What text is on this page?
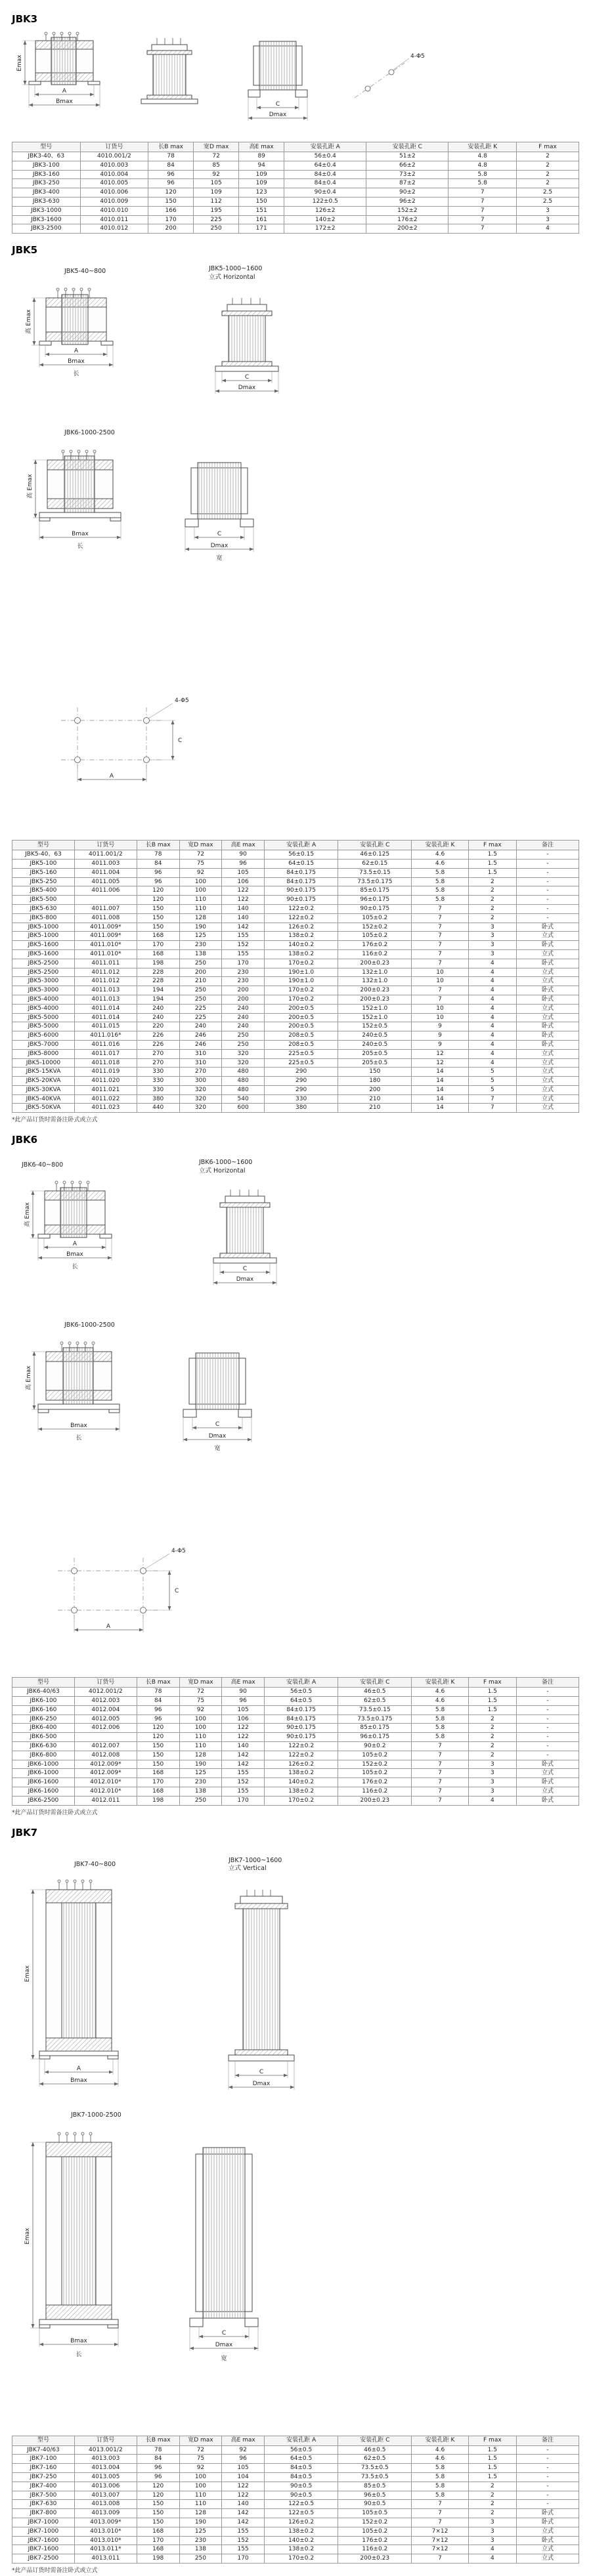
JBK3
Emax
A
Bmax	C
Dmax
4-Φ5
型号	订货号	长B max	宽D max	高E max	安装孔距 A	安装孔距 C	安装孔距 K	F max
JBK3-40、63	4010.001/2	78	72	89	56±0.4	51±2	4.8	2
JBK3-100	4010.003	84	85	94	64±0.4	66±2	4.8	2
JBK3-160	4010.004	96	92	109	84±0.4	73±2	5.8	2
JBK3-250	4010.005	96	105	109	84±0.4	87±2	5.8	2
JBK3-400	4010.006	120	109	123	90±0.4	90±2	7	2.5
JBK3-630	4010.009	150	112	150	122±0.5	96±2	7	2.5
JBK3-1000	4010.010	166	195	151	126±2	152±2	7	3
JBK3-1600	4010.011	170	225	161	140±2	176±2	7	3
JBK3-2500	4010.012	200	250	171	172±2	200±2	7	4
JBK5
JBK5-40~800	JBK5-1000~1600
立式 Horizontal
高 Emax
A
Bmax
长	C
Dmax
JBK6-1000-2500
高 Emax
Bmax
长
C
Dmax
宽
A
C
4-Φ5
型号	订货号	长B max	宽D max	高E max	安装孔距 A	安装孔距 C	安装孔距 K	F max	备注
JBK5-40、63	4011.001/2	78	72	90	56±0.15	46±0.125	4.6	1.5	-
JBK5-100	4011.003	84	75	96	64±0.15	62±0.15	4.6	1.5	-
JBK5-160	4011.004	96	92	105	84±0.175	73.5±0.15	5.8	1.5	-
JBK5-250	4011.005	96	100	106	84±0.175	73.5±0.175	5.8	2	-
JBK5-400	4011.006	120	100	122	90±0.175	85±0.175	5.8	2	-
JBK5-500		120	110	122	90±0.175	96±0.175	5.8	2	-
JBK5-630	4011.007	150	110	140	122±0.2	90±0.175	7	2	-
JBK5-800	4011.008	150	128	140	122±0.2	105±0.2	7	2	-
JBK5-1000	4011.009*	150	190	142	126±0.2	152±0.2	7	3	卧式
JBK5-1000	4011.009*	168	125	155	138±0.2	105±0.2	7	3	立式
JBK5-1600	4011.010*	170	230	152	140±0.2	176±0.2	7	3	卧式
JBK5-1600	4011.010*	168	138	155	138±0.2	116±0.2	7	3	立式
JBK5-2500	4011.011	198	250	170	170±0.2	200±0.23	7	4	卧式
JBK5-2500	4011.012	228	200	230	190±1.0	132±1.0	10	4	立式
JBK5-3000	4011.012	228	210	230	190±1.0	132±1.0	10	4	立式
JBK5-3000	4011.013	194	250	200	170±0.2	200±0.23	7	4	卧式
JBK5-4000	4011.013	194	250	200	170±0.2	200±0.23	7	4	卧式
JBK5-4000	4011.014	240	225	240	200±0.5	152±1.0	10	4	立式
JBK5-5000	4011.014	240	225	240	200±0.5	152±1.0	10	4	立式
JBK5-5000	4011.015	220	240	240	200±0.5	152±0.5	9	4	卧式
JBK5-6000	4011.016*	226	246	250	208±0.5	240±0.5	9	4	卧式
JBK5-7000	4011.016	226	246	250	208±0.5	240±0.5	9	4	卧式
JBK5-8000	4011.017	270	310	320	225±0.5	205±0.5	12	4	立式
JBK5-10000	4011.018	270	310	320	225±0.5	205±0.5	12	4	立式
JBK5-15KVA	4011.019	330	270	480	290	150	14	5	立式
JBK5-20KVA	4011.020	330	300	480	290	180	14	5	立式
JBK5-30KVA	4011.021	330	320	480	290	200	14	5	立式
JBK5-40KVA	4011.022	380	320	540	330	210	14	7	立式
JBK5-50KVA	4011.023	440	320	600	380	210	14	7	立式
*此产品订货时需备注卧式或立式
JBK6
JBK6-40~800	JBK6-1000~1600
立式 Horizontal
高 Emax
A
Bmax
长	C
Dmax
JBK6-1000-2500
高 Emax
Bmax
长
C
Dmax
宽
A
C
4-Φ5
型号	订货号	长B max	宽D max	高E max	安装孔距 A	安装孔距 C	安装孔距 K	F max	备注
JBK6-40/63	4012.001/2	78	72	90	56±0.5	46±0.5	4.6	1.5	-
JBK6-100	4012.003	84	75	96	64±0.5	62±0.5	4.6	1.5	-
JBK6-160	4012.004	96	92	105	84±0.175	73.5±0.15	5.8	1.5	-
JBK6-250	4012.005	96	100	106	84±0.175	73.5±0.175	5.8	2	-
JBK6-400	4012.006	120	100	122	90±0.175	85±0.175	5.8	2	-
JBK6-500		120	110	122	90±0.175	96±0.175	5.8	2	-
JBK6-630	4012.007	150	110	140	122±0.2	90±0.2	7	2	-
JBK6-800	4012.008	150	128	142	122±0.2	105±0.2	7	2	-
JBK6-1000	4012.009*	150	190	142	126±0.2	152±0.2	7	3	卧式
JBK6-1000	4012.009*	168	125	155	138±0.2	105±0.2	7	3	立式
JBK6-1600	4012.010*	170	230	152	140±0.2	176±0.2	7	3	卧式
JBK6-1600	4012.010*	168	138	155	138±0.2	116±0.2	7	3	立式
JBK6-2500	4012.011	198	250	170	170±0.2	200±0.23	7	4	卧式
*此产品订货时需备注卧式或立式
JBK7
JBK7-40~800
JBK7-1000~1600
立式 Vertical
Emax
A
Bmax
C
Dmax
JBK7-1000-2500
Emax
Bmax
长
C
Dmax
宽
型号	订货号	长B max	宽D max	高E max	安装孔距 A	安装孔距 C	安装孔距 K	F max	备注
JBK7-40/63	4013.001/2	78	72	92	56±0.5	46±0.5	4.6	1.5	-
JBK7-100	4013.003	84	75	96	64±0.5	62±0.5	4.6	1.5	-
JBK7-160	4013.004	96	92	105	84±0.5	73.5±0.5	5.8	1.5	-
JBK7-250	4013.005	96	100	104	84±0.5	73.5±0.5	5.8	1.5	-
JBK7-400	4013.006	120	100	122	90±0.5	85±0.5	5.8	2	-
JBK7-500	4013.007	120	110	122	90±0.5	96±0.5	5.8	2	-
JBK7-630	4013.008	150	110	140	122±0.5	90±0.5	7	2	-
JBK7-800	4013.009	150	128	142	122±0.5	105±0.5	7	2	卧式
JBK7-1000	4013.009*	150	190	142	126±0.2	152±0.2	7	3	卧式
JBK7-1000	4013.010*	168	125	155	138±0.2	105±0.2	7×12	3	立式
JBK7-1600	4013.010*	170	230	152	140±0.2	176±0.2	7×12	3	卧式
JBK7-1600	4013.011*	168	138	155	138±0.2	116±0.2	7×12	4	立式
JBK7-2500	4013.011	198	250	170	170±0.2	200±0.23	7	4	立式
*此产品订货时需备注卧式或立式
